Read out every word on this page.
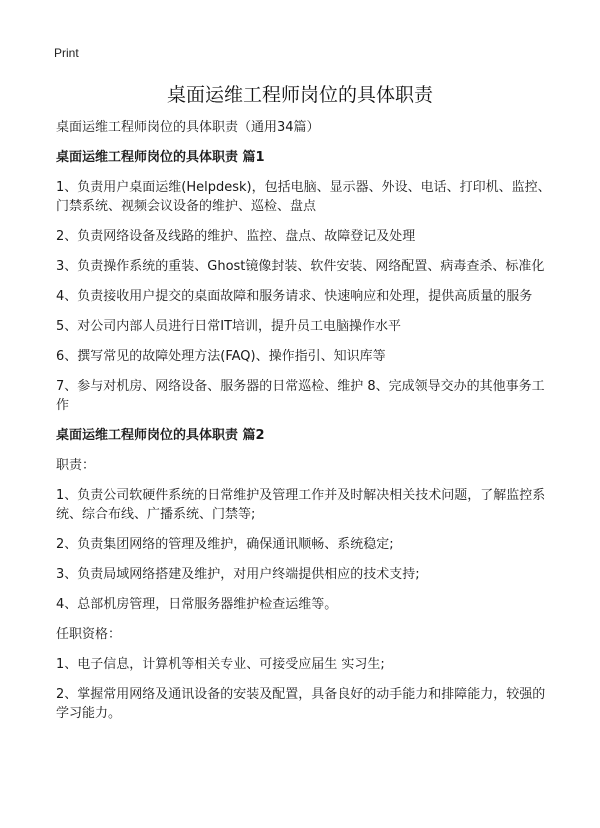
Print
桌面运维工程师岗位的具体职责

桌面运维工程师岗位的具体职责（通用34篇）

桌面运维工程师岗位的具体职责 篇1

1、负责用户桌面运维(Helpdesk)，包括电脑、显示器、外设、电话、打印机、监控、门禁系统、视频会议设备的维护、巡检、盘点

2、负责网络设备及线路的维护、监控、盘点、故障登记及处理

3、负责操作系统的重装、Ghost镜像封装、软件安装、网络配置、病毒查杀、标准化

4、负责接收用户提交的桌面故障和服务请求、快速响应和处理，提供高质量的服务

5、对公司内部人员进行日常IT培训，提升员工电脑操作水平

6、撰写常见的故障处理方法(FAQ)、操作指引、知识库等

7、参与对机房、网络设备、服务器的日常巡检、维护 8、完成领导交办的其他事务工作

桌面运维工程师岗位的具体职责 篇2

职责：

1、负责公司软硬件系统的日常维护及管理工作并及时解决相关技术问题，了解监控系统、综合布线、广播系统、门禁等;

2、负责集团网络的管理及维护，确保通讯顺畅、系统稳定;

3、负责局域网络搭建及维护，对用户终端提供相应的技术支持;

4、总部机房管理，日常服务器维护检查运维等。

任职资格：

1、电子信息，计算机等相关专业、可接受应届生 实习生;

2、掌握常用网络及通讯设备的安装及配置，具备良好的动手能力和排障能力，较强的学习能力。
